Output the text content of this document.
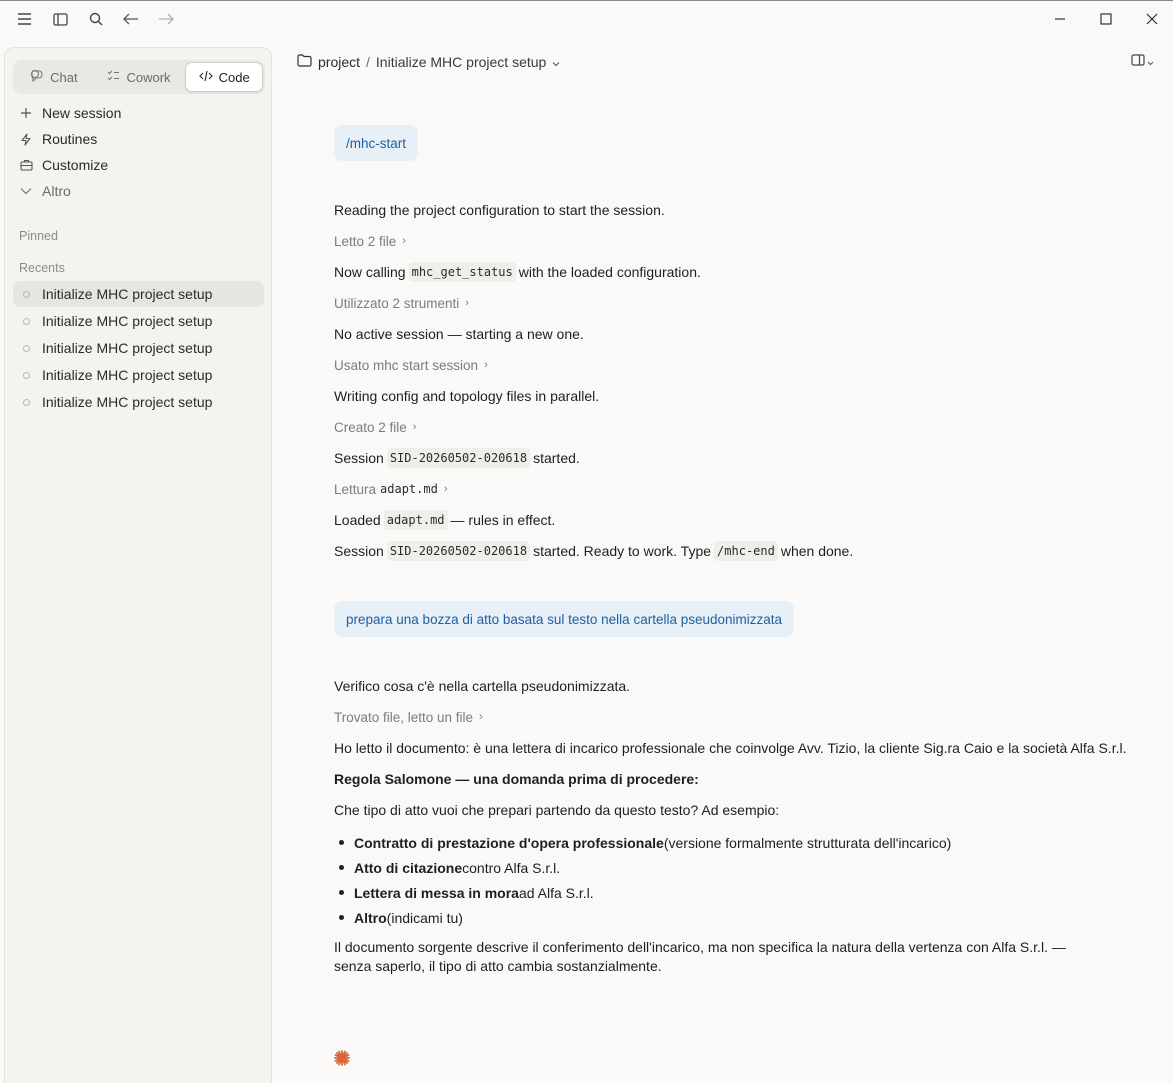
Chat	Cowork	Code
New session
Routines
Customize
Altro
Pinned
Recents
Initialize MHC project setup
Initialize MHC project setup
Initialize MHC project setup
Initialize MHC project setup
Initialize MHC project setup
project / Initialize MHC project setup
/mhc-start
Reading the project configuration to start the session.
Letto 2 file ›
Now calling mhc_get_status with the loaded configuration.
Utilizzato 2 strumenti ›
No active session — starting a new one.
Usato mhc start session ›
Writing config and topology files in parallel.
Creato 2 file ›
Session SID-20260502-020618 started.
Lettura adapt.md ›
Loaded adapt.md — rules in effect.
Session SID-20260502-020618 started. Ready to work. Type /mhc-end when done.
prepara una bozza di atto basata sul testo nella cartella pseudonimizzata
Verifico cosa c'è nella cartella pseudonimizzata.
Trovato file, letto un file ›
Ho letto il documento: è una lettera di incarico professionale che coinvolge Avv. Tizio, la cliente Sig.ra Caio e la società Alfa S.r.l.
Regola Salomone — una domanda prima di procedere:
Che tipo di atto vuoi che prepari partendo da questo testo? Ad esempio:
Contratto di prestazione d'opera professionale (versione formalmente strutturata dell'incarico)
Atto di citazione contro Alfa S.r.l.
Lettera di messa in mora ad Alfa S.r.l.
Altro (indicami tu)
Il documento sorgente descrive il conferimento dell'incarico, ma non specifica la natura della vertenza con Alfa S.r.l. — senza saperlo, il tipo di atto cambia sostanzialmente.
